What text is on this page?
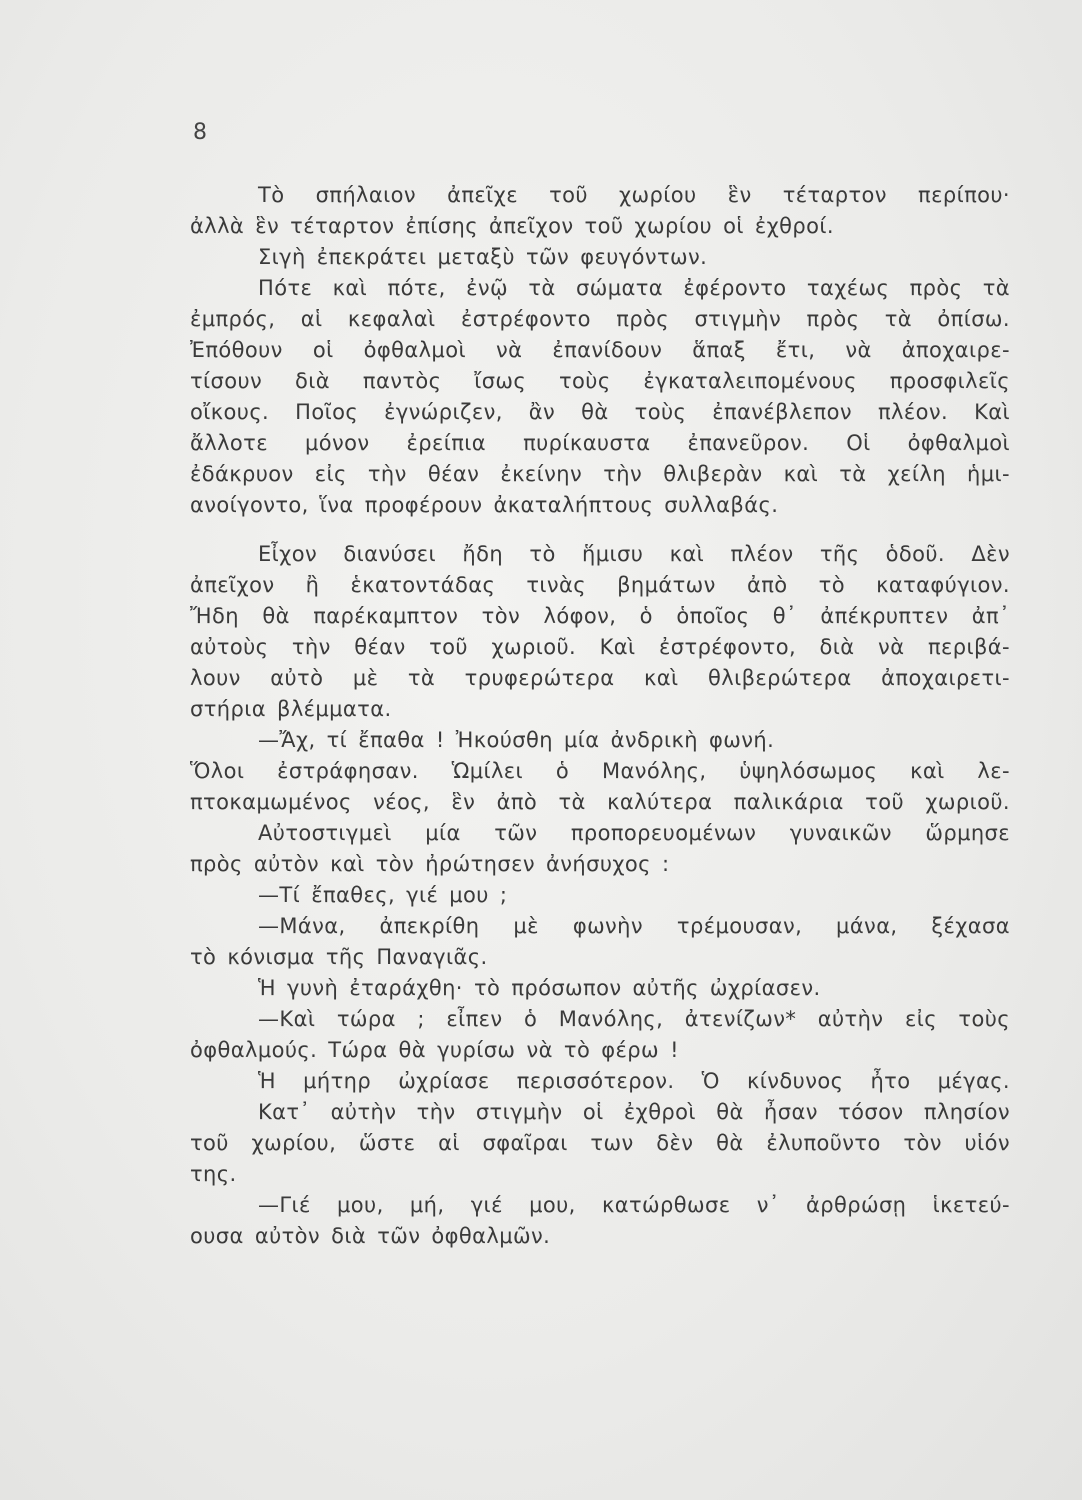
8
Τὸ σπήλαιον ἀπεῖχε τοῦ χωρίου ἓν τέταρτον περίπου·
ἀλλὰ ἓν τέταρτον ἐπίσης ἀπεῖχον τοῦ χωρίου οἱ ἐχθροί.
Σιγὴ ἐπεκράτει μεταξὺ τῶν φευγόντων.
Πότε καὶ πότε, ἐνῷ τὰ σώματα ἐφέροντο ταχέως πρὸς τὰ
ἐμπρός, αἱ κεφαλαὶ ἐστρέφοντο πρὸς στιγμὴν πρὸς τὰ ὀπίσω.
Ἐπόθουν οἱ ὀφθαλμοὶ νὰ ἐπανίδουν ἅπαξ ἔτι, νὰ ἀποχαιρε-
τίσουν διὰ παντὸς ἴσως τοὺς ἐγκαταλειπομένους προσφιλεῖς
οἴκους. Ποῖος ἐγνώριζεν, ἂν θὰ τοὺς ἐπανέβλεπον πλέον. Καὶ
ἄλλοτε μόνον ἐρείπια πυρίκαυστα ἐπανεῦρον. Οἱ ὀφθαλμοὶ
ἐδάκρυον εἰς τὴν θέαν ἐκείνην τὴν θλιβερὰν καὶ τὰ χείλη ἡμι-
ανοίγοντο, ἵνα προφέρουν ἀκαταλήπτους συλλαβάς.
Εἶχον διανύσει ἤδη τὸ ἥμισυ καὶ πλέον τῆς ὁδοῦ. Δὲν
ἀπεῖχον ἢ ἑκατοντάδας τινὰς βημάτων ἀπὸ τὸ καταφύγιον.
Ἤδη θὰ παρέκαμπτον τὸν λόφον, ὁ ὁποῖος θ᾽ ἀπέκρυπτεν ἀπ᾽
αὐτοὺς τὴν θέαν τοῦ χωριοῦ. Καὶ ἐστρέφοντο, διὰ νὰ περιβά-
λουν αὐτὸ μὲ τὰ τρυφερώτερα καὶ θλιβερώτερα ἀποχαιρετι-
στήρια βλέμματα.
—Ἄχ, τί ἔπαθα ! Ἠκούσθη μία ἀνδρικὴ φωνή.
Ὅλοι ἐστράφησαν. Ὡμίλει ὁ Μανόλης, ὑψηλόσωμος καὶ λε-
πτοκαμωμένος νέος, ἓν ἀπὸ τὰ καλύτερα παλικάρια τοῦ χωριοῦ.
Αὐτοστιγμεὶ μία τῶν προπορευομένων γυναικῶν ὥρμησε
πρὸς αὐτὸν καὶ τὸν ἠρώτησεν ἀνήσυχος :
—Τί ἔπαθες, γιέ μου ;
—Μάνα, ἀπεκρίθη μὲ φωνὴν τρέμουσαν, μάνα, ξέχασα
τὸ κόνισμα τῆς Παναγιᾶς.
Ἡ γυνὴ ἐταράχθη· τὸ πρόσωπον αὐτῆς ὠχρίασεν.
—Καὶ τώρα ; εἶπεν ὁ Μανόλης, ἀτενίζων* αὐτὴν εἰς τοὺς
ὀφθαλμούς. Τώρα θὰ γυρίσω νὰ τὸ φέρω !
Ἡ μήτηρ ὠχρίασε περισσότερον. Ὁ κίνδυνος ἦτο μέγας.
Κατ᾽ αὐτὴν τὴν στιγμὴν οἱ ἐχθροὶ θὰ ἦσαν τόσον πλησίον
τοῦ χωρίου, ὥστε αἱ σφαῖραι των δὲν θὰ ἐλυποῦντο τὸν υἱόν
της.
—Γιέ μου, μή, γιέ μου, κατώρθωσε ν᾽ ἀρθρώσῃ ἱκετεύ-
ουσα αὐτὸν διὰ τῶν ὀφθαλμῶν.
